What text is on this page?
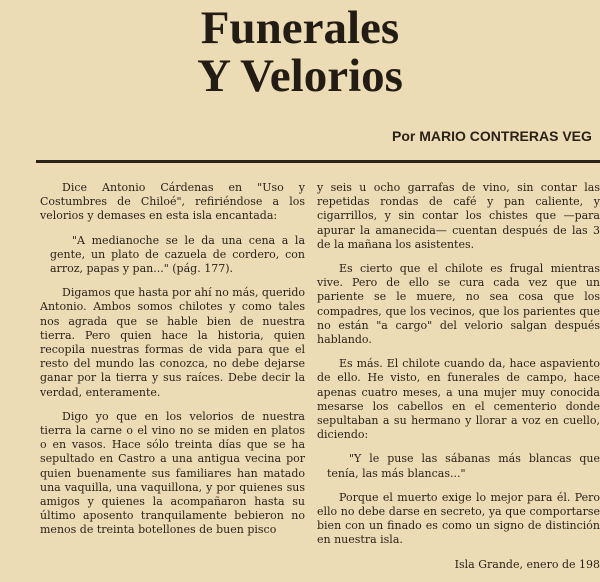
Funerales
Y Velorios
Por MARIO CONTRERAS VEG

Dice Antonio Cárdenas en "Uso y Costumbres de Chiloé", refiriéndose a los velorios y demases en esta isla encantada:

"A medianoche se le da una cena a la gente, un plato de cazuela de cordero, con arroz, papas y pan..." (pág. 177).

Digamos que hasta por ahí no más, querido Antonio. Ambos somos chilotes y como tales nos agrada que se hable bien de nuestra tierra. Pero quien hace la historia, quien recopila nuestras formas de vida para que el resto del mundo las conozca, no debe dejarse ganar por la tierra y sus raíces. Debe decir la verdad, enteramente.

Digo yo que en los velorios de nuestra tierra la carne o el vino no se miden en platos o en vasos. Hace sólo treinta días que se ha sepultado en Castro a una antigua vecina por quien buenamente sus familiares han matado una vaquilla, una vaquillona, y por quienes sus amigos y quienes la acompañaron hasta su último aposento tranquilamente bebieron no menos de treinta botellones de buen pisco

y seis u ocho garrafas de vino, sin contar las repetidas rondas de café y pan caliente, y cigarrillos, y sin contar los chistes que —para apurar la amanecida— cuentan después de las 3 de la mañana los asistentes.

Es cierto que el chilote es frugal mientras vive. Pero de ello se cura cada vez que un pariente se le muere, no sea cosa que los compadres, que los vecinos, que los parientes que no están "a cargo" del velorio salgan después hablando.

Es más. El chilote cuando da, hace aspaviento de ello. He visto, en funerales de campo, hace apenas cuatro meses, a una mujer muy conocida mesarse los cabellos en el cementerio donde sepultaban a su hermano y llorar a voz en cuello, diciendo:

"Y le puse las sábanas más blancas que tenía, las más blancas..."

Porque el muerto exige lo mejor para él. Pero ello no debe darse en secreto, ya que comportarse bien con un finado es como un signo de distinción en nuestra isla.

Isla Grande, enero de 198
